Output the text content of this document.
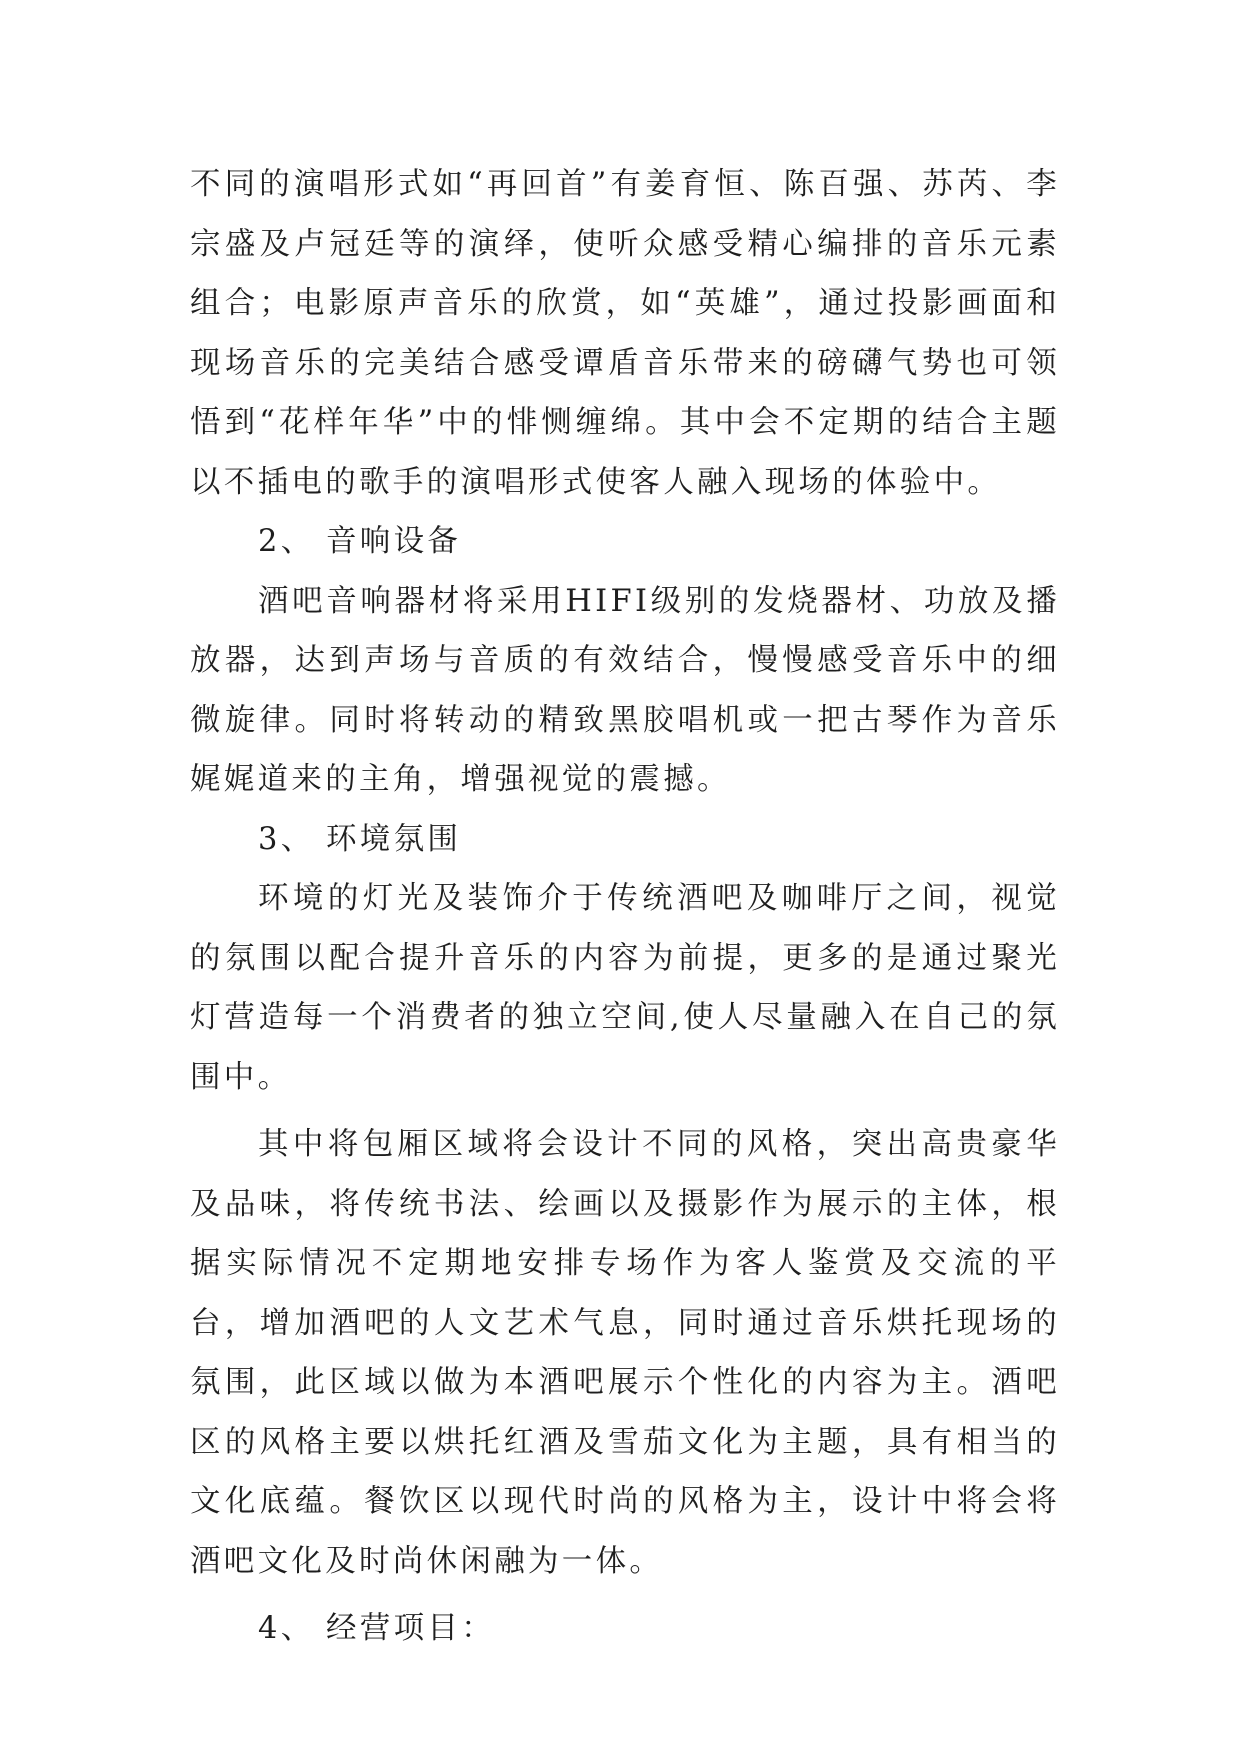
不同的演唱形式如“再回首”有姜育恒、陈百强、苏芮、李宗盛及卢冠廷等的演绎，使听众感受精心编排的音乐元素组合；电影原声音乐的欣赏，如“英雄”，通过投影画面和现场音乐的完美结合感受谭盾音乐带来的磅礴气势也可领悟到“花样年华”中的悱恻缠绵。其中会不定期的结合主题以不插电的歌手的演唱形式使客人融入现场的体验中。

2、 音响设备

酒吧音响器材将采用HIFI级别的发烧器材、功放及播放器，达到声场与音质的有效结合，慢慢感受音乐中的细微旋律。同时将转动的精致黑胶唱机或一把古琴作为音乐娓娓道来的主角，增强视觉的震撼。

3、 环境氛围

环境的灯光及装饰介于传统酒吧及咖啡厅之间，视觉的氛围以配合提升音乐的内容为前提，更多的是通过聚光灯营造每一个消费者的独立空间,使人尽量融入在自己的氛围中。

其中将包厢区域将会设计不同的风格，突出高贵豪华及品味，将传统书法、绘画以及摄影作为展示的主体，根据实际情况不定期地安排专场作为客人鉴赏及交流的平台，增加酒吧的人文艺术气息，同时通过音乐烘托现场的氛围，此区域以做为本酒吧展示个性化的内容为主。酒吧区的风格主要以烘托红酒及雪茄文化为主题，具有相当的文化底蕴。餐饮区以现代时尚的风格为主，设计中将会将酒吧文化及时尚休闲融为一体。

4、 经营项目：
